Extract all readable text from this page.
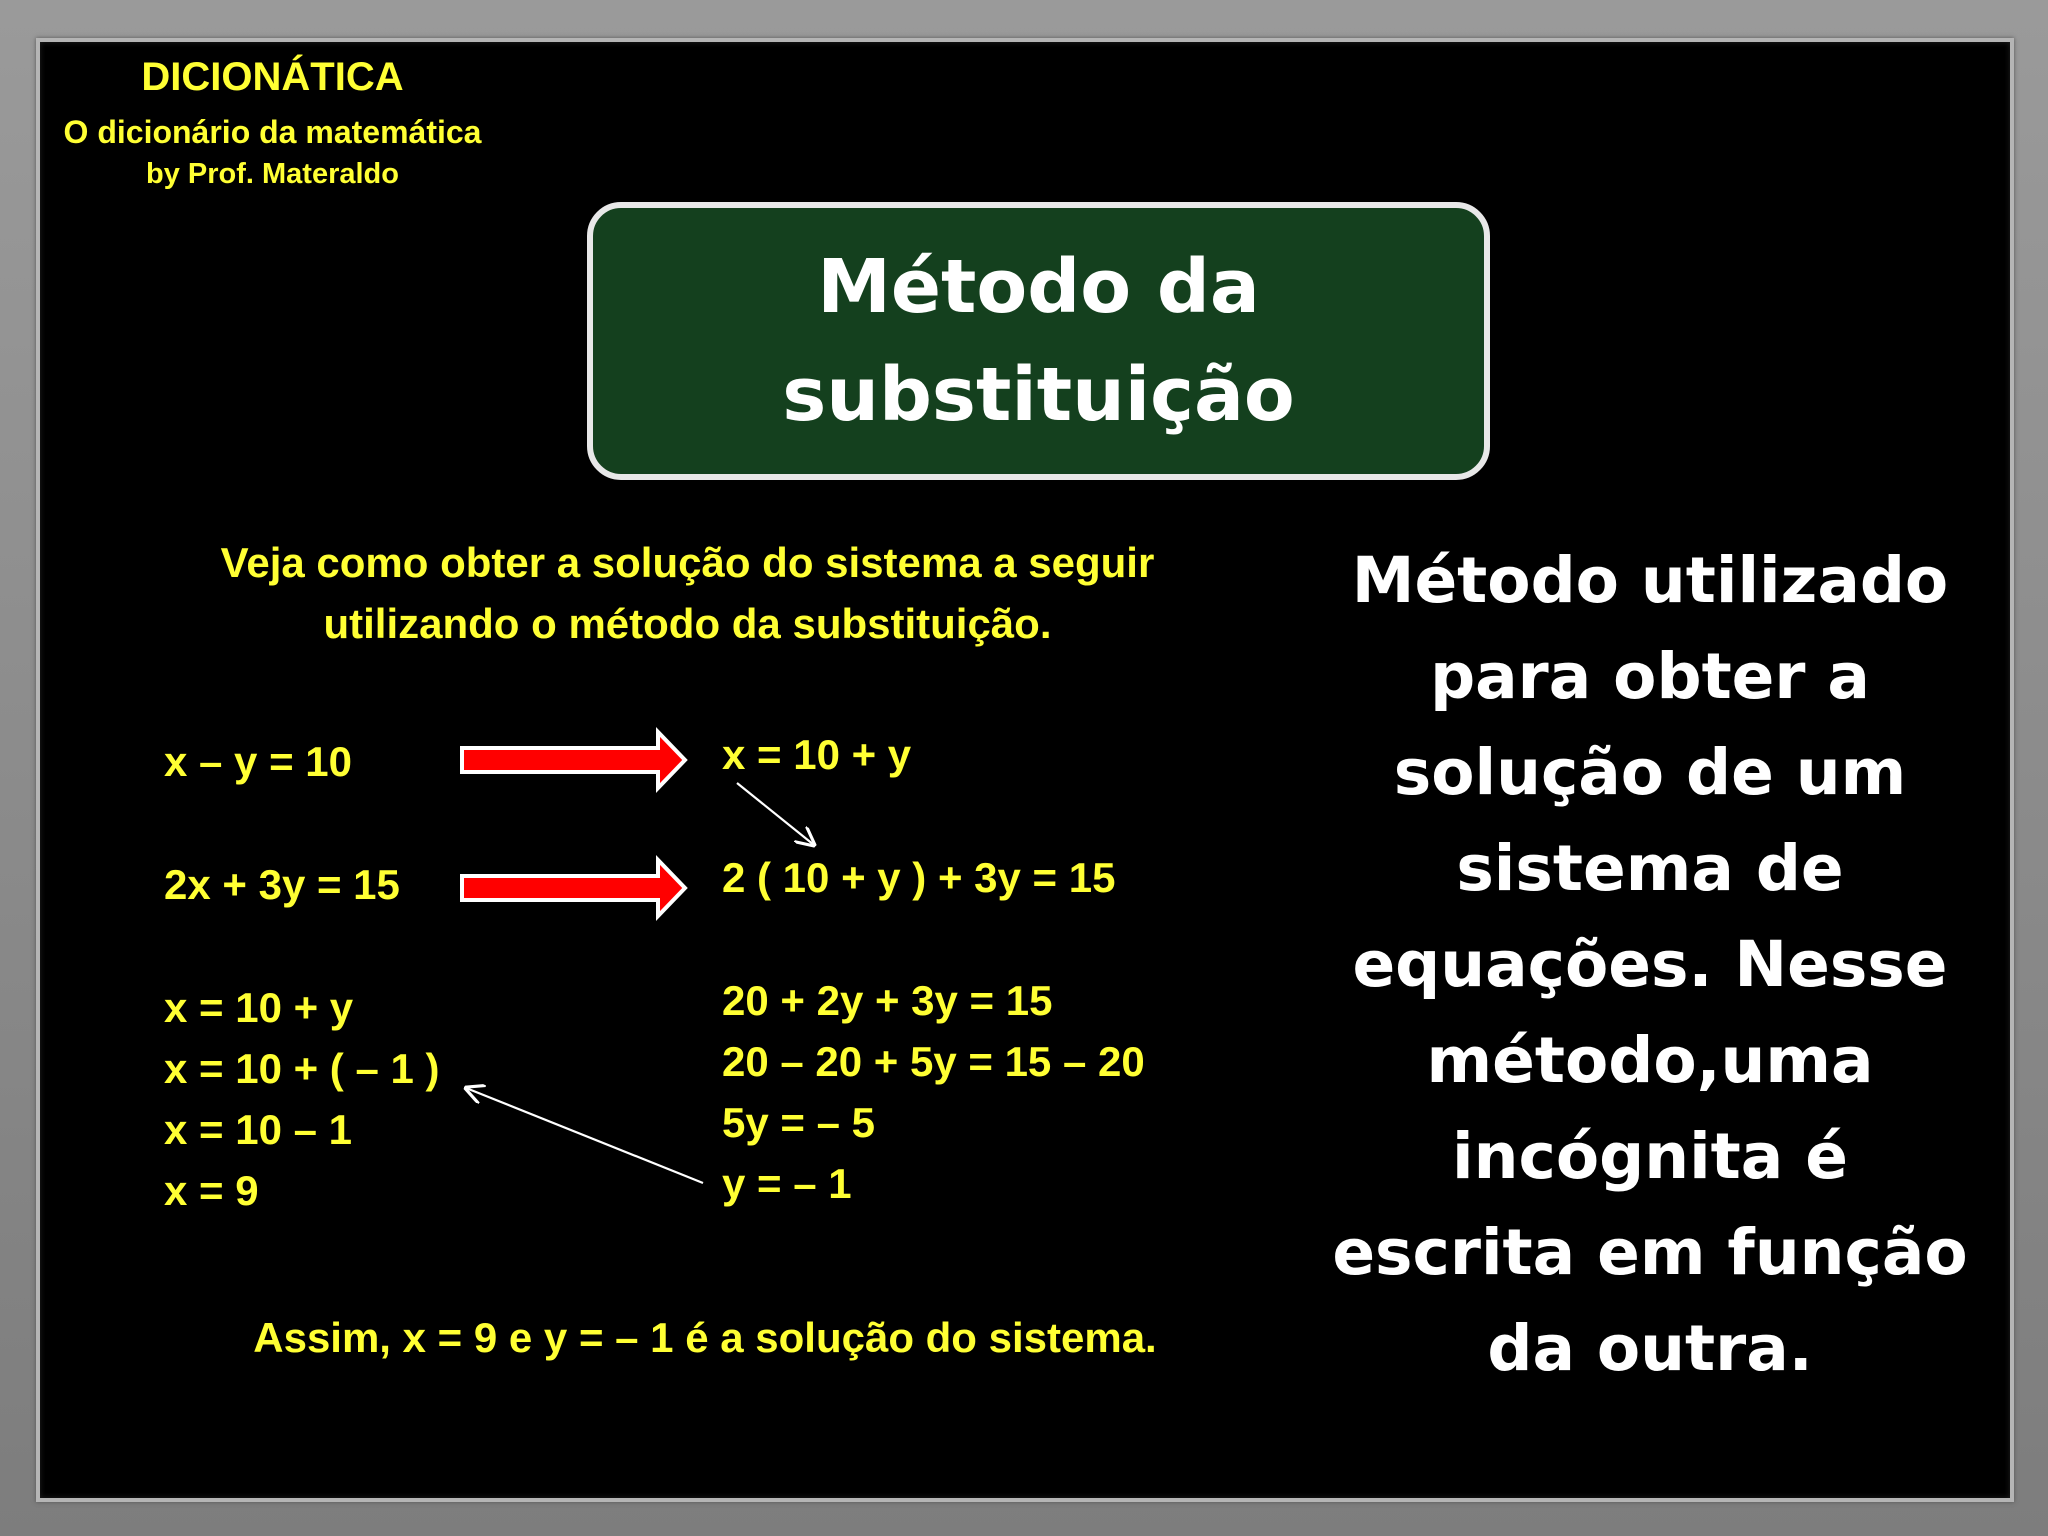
DICIONÁTICA
O dicionário da matemática
by Prof. Materaldo
Método da substituição
Veja como obter a solução do sistema a seguir utilizando o método da substituição.
x – y = 10
2x + 3y = 15
x = 10 + y
2 ( 10 + y ) + 3y = 15
20 + 2y + 3y = 15
20 – 20 + 5y = 15 – 20
5y = – 5
y = – 1
x = 10 + y
x = 10 + ( – 1 )
x = 10 – 1
x = 9
Assim, x = 9 e y = – 1 é a solução do sistema.
Método utilizado para obter a solução de um sistema de equações. Nesse método,uma incógnita é escrita em função da outra.
